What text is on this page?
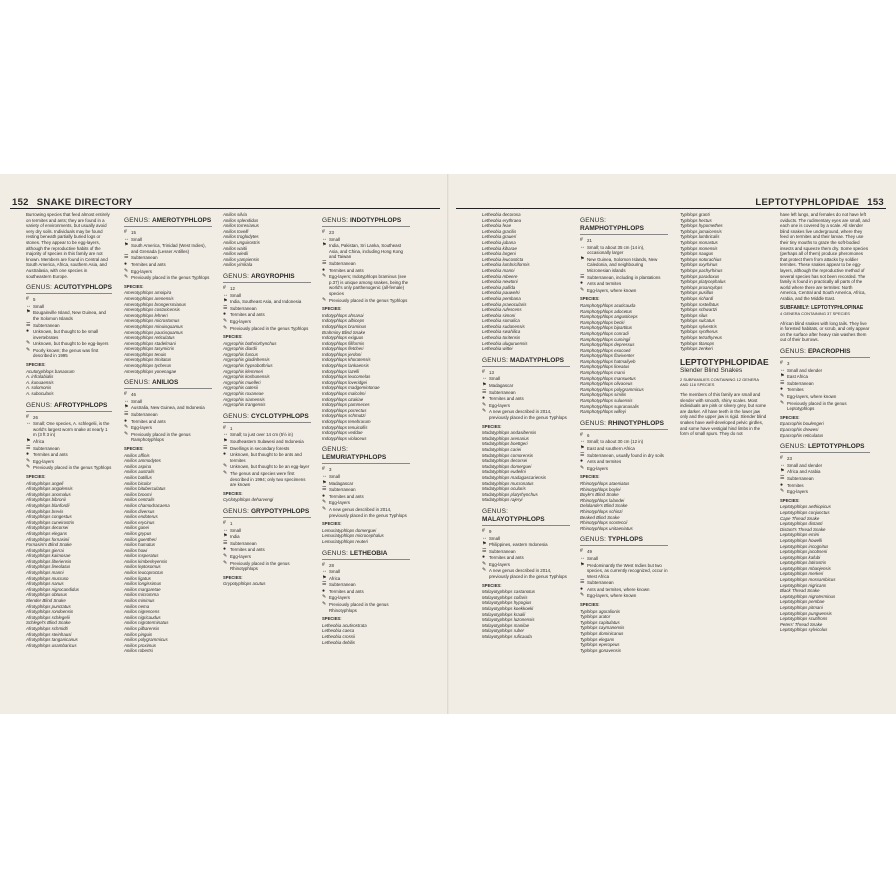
152 SNAKE DIRECTORY	LEPTOTYPHLOPIDAE 153

Burrowing species that feed almost entirely on termites and ants; they are found in a variety of environments, but usually avoid very dry soils. Individuals may be found resting beneath partially buried logs or stones. They appear to be egg-layers, although the reproductive habits of the majority of species in this family are not known. Members are found in Central and South America, Africa, southern Asia, and Australasia, with one species in southeastern Europe.

GENUS: ACUTOTYPHLOPS
# 5
↔ Small
⚑ Bougainville Island, New Guinea, and the Solomon Islands
☰ Subterranean
● Unknown, but thought to be small invertebrates
✎ Unknown, but thought to be egg-layers
✎ Poorly known; the genus was first described in 1995
SPECIES:
Acutotyphlops banaorum
A. infralabialis
A. kunuaensis
A. solomonis
A. subocularis
GENUS: AFROTYPHLOPS
# 26
↔ Small; One species, A. schlegelii, is the world's largest worm snake at nearly 1 m (3 ft 3 in)
⚑ Africa
☰ Subterranean
● Termites and ants
✎ Egg-layers
✎ Previously placed in the genus Typhlops
SPECIES:
Afrotyphlops angeli
Afrotyphlops angolensis
Afrotyphlops anomalus
Afrotyphlops bibronii
Afrotyphlops blanfordii
Afrotyphlops brevis
Afrotyphlops congestus
Afrotyphlops cuneirostris
Afrotyphlops decorsei
Afrotyphlops elegans
Afrotyphlops fornasinii
Fornasini's Blind Snake
Afrotyphlops gierrai
Afrotyphlops kaimosae
Afrotyphlops liberiensis
Afrotyphlops lineolatus
Afrotyphlops manni
Afrotyphlops mucruso
Afrotyphlops nanus
Afrotyphlops nigrocandidus
Afrotyphlops obtusus
Slender Blind Snake
Afrotyphlops punctatus
Afrotyphlops rondoensis
Afrotyphlops schlegelii
Schlegel's Blind Snake
Afrotyphlops schmidti
Afrotyphlops steinhausi
Afrotyphlops tanganicanus
Afrotyphlops usambaricus
GENUS: AMEROTYPHLOPS
# 15
↔ Small
⚑ South America, Trinidad (West Indies), and Grenada (Lesser Antilles)
☰ Subterranean
● Termites and ants
✎ Egg-layers
✎ Previously placed in the genus Typhlops
SPECIES:
Amerotyphlops amoipira
Amerotyphlops arenensis
Amerotyphlops brongersmianus
Amerotyphlops costaricensis
Amerotyphlops lehneri
Amerotyphlops microstomus
Amerotyphlops minuisquamus
Amerotyphlops paucisquamus
Amerotyphlops reticulatus
Amerotyphlops stadelmani
Amerotyphlops tasymicris
Amerotyphlops tenuis
Amerotyphlops trinitatus
Amerotyphlops tycherus
Amerotyphlops yonenagae
GENUS: ANILIOS
# 46
↔ Small
⚑ Australia, New Guinea, and Indonesia
☰ Subterranean
● Termites and ants
✎ Egg-layers
✎ Previously placed in the genus Ramphotyphlops
SPECIES:
Anilios affinis
Anilios ammodytes
Anilios aspina
Anilios australis
Anilios batillus
Anilios bicolor
Anilios bituberculatus
Anilios broomi
Anilios centralis
Anilios chamodracaena
Anilios diversus
Anilios endoterus
Anilios erycinus
Anilios ganei
Anilios grypus
Anilios guentheri
Anilios hamatus
Anilios howi
Anilios insperatus
Anilios kimberleyensis
Anilios leptosomus
Anilios leucoproctus
Anilios ligatus
Anilios longissimus
Anilios margaretae
Anilios micromma
Anilios minimus
Anilios nema
Anilios nigrescens
Anilios nigricaudus
Anilios nigroterminatus
Anilios pilbarensis
Anilios pinguis
Anilios polygrammicus
Anilios proximus
Anilios robertsi
Anilios silvia
Anilios splendidus
Anilios torresianus
Anilios tovelli
Anilios troglodytes
Anilios unguirostris
Anilios waitii
Anilios wiedii
Anilios yampiensis
Anilios yirrikala
GENUS: ARGYROPHIS
# 12
↔ Small
⚑ India, Southeast Asia, and Indonesia
☰ Subterranean
● Termites and ants
✎ Egg-layers
✎ Previously placed in the genus Typhlops
SPECIES:
Argyrophis bothriorhynchus
Argyrophis diardii
Argyrophis fuscus
Argyrophis giadinhensis
Argyrophis hypsobothrius
Argyrophis klemmeri
Argyrophis koshunensis
Argyrophis muelleri
Argyrophis oatesii
Argyrophis roxaneae
Argyrophis siamensis
Argyrophis trangensis
GENUS: CYCLOTYPHLOPS
# 1
↔ Small; to just over 14 cm (5½ in)
⚑ Southeastern Sulawesi and Indonesia
☰ Dwellings in secondary forests
● Unknown, but thought to be ants and termites
✎ Unknown, but thought to be an egg-layer
✎ The genus and species were first described in 1994; only two specimens are known
SPECIES:
Cyclotyphlops deharvengi
GENUS: GRYPOTYPHLOPS
# 1
↔ Small
⚑ India
☰ Subterranean
● Termites and ants
✎ Egg-layers
✎ Previously placed in the genus Rhinotyphlops
SPECIES:
Grypotyphlops acutus
GENUS: INDOTYPHLOPS
# 23
↔ Small
⚑ India, Pakistan, Sri Lanka, Southeast Asia, and China, including Hong Kong and Taiwan
☰ Subterranean
● Termites and ants
✎ Egg-layers; Indotyphlops braminus (see p.37) is unique among snakes, being the world's only parthenogenic (all-female) species
✎ Previously placed in the genus Typhlops
SPECIES:
Indotyphlops ahsanai
Indotyphlops albiceps
Indotyphlops braminus
Brahminy Blind Snake
Indotyphlops exiguus
Indotyphlops filiformis
Indotyphlops fletcheri
Indotyphlops jerdoni
Indotyphlops khoratensis
Indotyphlops lankaensis
Indotyphlops lazelli
Indotyphlops leucomelas
Indotyphlops loveridgei
Indotyphlops madgemintonae
Indotyphlops malcolmi
Indotyphlops ozakiae
Indotyphlops pammeces
Indotyphlops porrectus
Indotyphlops schmutzi
Indotyphlops tenebrarum
Indotyphlops tenuicollis
Indotyphlops veddae
Indotyphlops violaceus
GENUS: LEMURIATYPHLOPS
# 3
↔ Small
⚑ Madagascar
☰ Subterranean
● Termites and ants
✎ Egg-layers
✎ A new genus described in 2014, previously placed in the genus Typhlops
SPECIES:
Lemuriatyphlops domerguei
Lemuriatyphlops microcephalus
Lemuriatyphlops reuteri
GENUS: LETHEOBIA
# 28
↔ Small
⚑ Africa
☰ Subterranean
● Termites and ants
✎ Egg-layers
✎ Previously placed in the genus Rhinotyphlops
SPECIES:
Letheobia acutirostrata
Letheobia caeca
Letheobia crossii
Letheobia debilis
Letheobia decorosa
Letheobia erythraea
Letheobia feae
Letheobia gracilis
Letheobia graueri
Letheobia jubana
Letheobia kibarae
Letheobia largeni
Letheobia leucosticta
Letheobia lumbriciformis
Letheobia manni
Letheobia mbeere
Letheobia newtoni
Letheobia pallida
Letheobia pauwelsi
Letheobia pembana
Letheobia praeocularis
Letheobia rufescens
Letheobia simoni
Letheobia somalica
Letheobia sudanensis
Letheobia swahilica
Letheobia toritensis
Letheobia uluguruensis
Letheobia wittei
GENUS: MADATYPHLOPS
# 13
↔ Small
⚑ Madagascar
☰ Subterranean
● Termites and ants
✎ Egg-layers
✎ A new genus described in 2014, previously placed in the genus Typhlops
SPECIES:
Madatyphlops andasibensis
Madatyphlops arenarius
Madatyphlops boettgeri
Madatyphlops cariei
Madatyphlops comorensis
Madatyphlops decorsei
Madatyphlops domerguei
Madatyphlops eudelini
Madatyphlops madagascariensis
Madatyphlops mucronatus
Madatyphlops ocularis
Madatyphlops platyrhynchus
Madatyphlops rajeryi
GENUS: MALAYOTYPHLOPS
# 9
↔ Small
⚑ Philippines, eastern Indonesia
☰ Subterranean
● Termites and ants
✎ Egg-layers
✎ A new genus described in 2014, previously placed in the genus Typhlops
SPECIES:
Malayotyphlops castanotus
Malayotyphlops collaris
Malayotyphlops hypogius
Malayotyphlops koekkoeki
Malayotyphlops kraalii
Malayotyphlops luzonensis
Malayotyphlops manilae
Malayotyphlops ruber
Malayotyphlops ruficauda
GENUS: RAMPHOTYPHLOPS
# 21
↔ Small; to about 35 cm (14 in), occasionally larger
⚑ New Guinea, Solomon Islands, New Caledonia, and neighbouring Micronesian islands
☰ Subterranean, including in plantations
● Ants and termites
✎ Egg-layers, where known
SPECIES:
Ramphotyphlops acuticauda
Ramphotyphlops adocetus
Ramphotyphlops angusticeps
Ramphotyphlops becki
Ramphotyphlops bipartitus
Ramphotyphlops conradi
Ramphotyphlops cumingii
Ramphotyphlops depressus
Ramphotyphlops exocoeti
Ramphotyphlops flaviventer
Ramphotyphlops hatmaliyeb
Ramphotyphlops lineatus
Ramphotyphlops marxi
Ramphotyphlops mansuetus
Ramphotyphlops olivaceus
Ramphotyphlops polygrammicus
Ramphotyphlops similis
Ramphotyphlops suluensis
Ramphotyphlops supranasalis
Ramphotyphlops willeyi
GENUS: RHINOTYPHLOPS
# 6
↔ Small; to about 30 cm (12 in)
⚑ East and southern Africa
☰ Subterranean, usually found in dry soils
● Ants and termites
✎ Egg-layers
SPECIES:
Rhinotyphlops ataeniatus
Rhinotyphlops boylei
Boyle's Blind Snake
Rhinotyphlops lalandei
Delalande's Blind Snake
Rhinotyphlops schinzi
Beaked Blind Snake
Rhinotyphlops scorteccii
Rhinotyphlops unitaeniatus
GENUS: TYPHLOPS
# 49
↔ Small
⚑ Predominantly the West Indies but two species, as currently recognized, occur in West Africa
☰ Subterranean
● Ants and termites, where known
✎ Egg-layers, where known
SPECIES:
Typhlops agoralionis
Typhlops arator
Typhlops capitulatus
Typhlops caymanensis
Typhlops dominicanus
Typhlops elegans
Typhlops eperopeus
Typhlops gonavensis
Typhlops granti
Typhlops hectus
Typhlops hypomethes
Typhlops jamaicensis
Typhlops lumbricalis
Typhlops monastus
Typhlops monensis
Typhlops naugus
Typhlops notorachius
Typhlops oxyrhinus
Typhlops pachyrhinus
Typhlops paradoxus
Typhlops platycephalus
Typhlops proancylops
Typhlops pusillus
Typhlops richardi
Typhlops rostellatus
Typhlops schwartzi
Typhlops silus
Typhlops sulcatus
Typhlops sylvestris
Typhlops syntherus
Typhlops tetrathyreus
Typhlops titanops
Typhlops zenkeri
LEPTOTYPHLOPIDAE
Slender Blind Snakes
2 SUBFAMILIES CONTAINING 12 GENERA AND 116 SPECIES

The members of this family are small and slender with smooth, shiny scales. Most individuals are pink or silvery grey, but some are darker. All have teeth in the lower jaw only and the upper jaw is rigid. Slender blind snakes have well-developed pelvic girdles, and some have vestigial hind limbs in the form of small spurs. They do not

have left lungs, and females do not have left oviducts. The rudimentary eyes are small, and each one is covered by a scale. All slender blind snakes live underground, where they feed on termites and their larvae. They use their tiny mouths to graze the soft-bodied insects and squeeze them dry. Some species (perhaps all of them) produce pheromones that protect them from attacks by soldier termites. These snakes appear to be egg-layers, although the reproductive method of several species has not been recorded. The family is found in practically all parts of the world where there are termites: North America, Central and South America, Africa, Arabia, and the Middle East.

SUBFAMILY: LEPTOTYPHLOPINAE
4 GENERA CONTAINING 37 SPECIES

African blind snakes with long tails. They live in forested habitats, or scrub, and only appear on the surface after heavy rain washes them out of their burrows.

GENUS: EPACROPHIS
# 3
↔ Small and slender
⚑ East Africa
☰ Subterranean
● Termites
✎ Egg-layers, where known
✎ Previously placed in the genus Leptotyphlops
SPECIES:
Epacrophis boulengeri
Epacrophis drewesi
Epacrophis reticulatus
GENUS: LEPTOTYPHLOPS
# 23
↔ Small and slender
⚑ Africa and Arabia
☰ Subterranean
● Termites
✎ Egg-layers
SPECIES:
Leptotyphlops aethiopicus
Leptotyphlops conjunctus
Cape Thread Snake
Leptotyphlops distanti
Distant's Thread Snake
Leptotyphlops emini
Leptotyphlops howelli
Leptotyphlops incognitus
Leptotyphlops jacobseni
Leptotyphlops kafubi
Leptotyphlops latirostris
Leptotyphlops mbanjensis
Leptotyphlops merkeri
Leptotyphlops mossambicus
Leptotyphlops nigricans
Black Thread Snake
Leptotyphlops nigroterminus
Leptotyphlops pembae
Leptotyphlops pitmani
Leptotyphlops pungwensis
Leptotyphlops scutifrons
Peters' Thread Snake
Leptotyphlops sylvicolus
